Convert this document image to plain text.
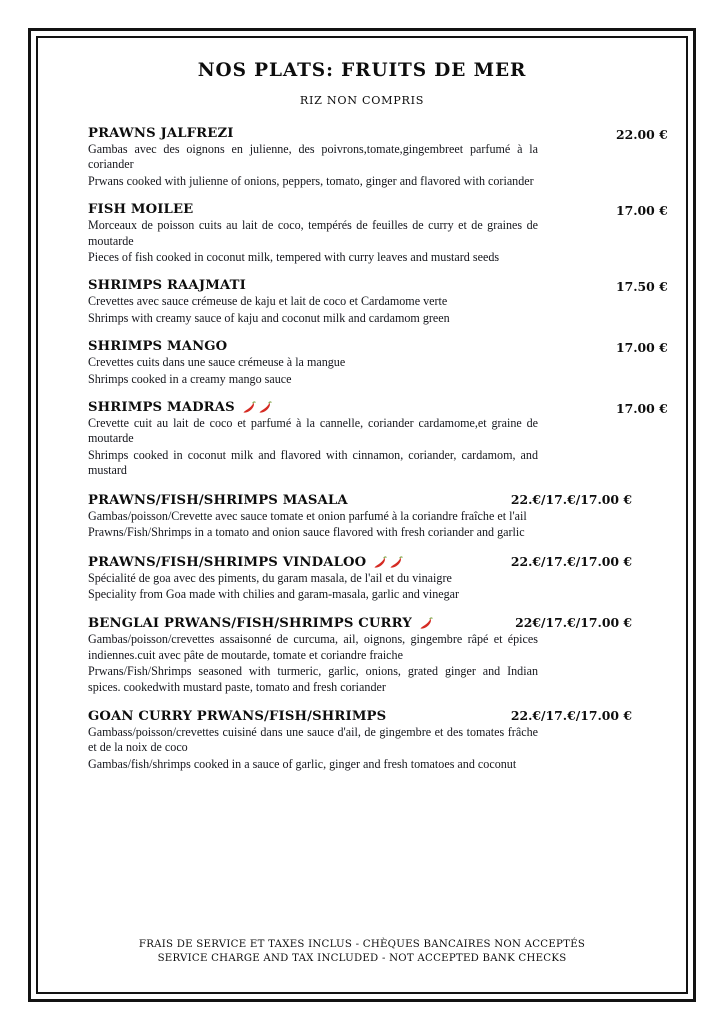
NOS PLATS: FRUITS DE MER
RIZ NON COMPRIS
PRAWNS JALFREZI	22.00 €
Gambas avec des oignons en julienne, des poivrons,tomate,gingembreet parfumé à la coriander
Prwans cooked with julienne of onions, peppers, tomato, ginger and flavored with coriander
FISH MOILEE	17.00 €
Morceaux de poisson cuits au lait de coco, tempérés de feuilles de curry et de graines de moutarde
Pieces of fish cooked in coconut milk, tempered with curry leaves and mustard seeds
SHRIMPS RAAJMATI	17.50 €
Crevettes avec sauce crémeuse de kaju et lait de coco et Cardamome verte
Shrimps with creamy sauce of kaju and coconut milk and cardamom green
SHRIMPS MANGO	17.00 €
Crevettes cuits dans une sauce crémeuse à la mangue
Shrimps cooked in a creamy mango sauce
SHRIMPS MADRAS	17.00 €
Crevette cuit au lait de coco et parfumé à la cannelle, coriander cardamome,et graine de moutarde
Shrimps cooked in coconut milk and flavored with cinnamon, coriander, cardamom, and mustard
PRAWNS/FISH/SHRIMPS MASALA	22.€/17.€/17.00 €
Gambas/poisson/Crevette avec sauce tomate et onion parfumé à la coriandre fraîche et l'ail
Prawns/Fish/Shrimps in a tomato and onion sauce flavored with fresh coriander and garlic
PRAWNS/FISH/SHRIMPS VINDALOO	22.€/17.€/17.00 €
Spécialité de goa avec des piments, du garam masala, de l'ail et du vinaigre
Speciality from Goa made with chilies and garam-masala, garlic and vinegar
BENGLAI PRWANS/FISH/SHRIMPS CURRY	22€/17.€/17.00 €
Gambas/poisson/crevettes assaisonné de curcuma, ail, oignons, gingembre râpé et épices indiennes.cuit avec pâte de moutarde, tomate et coriandre fraiche
Prwans/Fish/Shrimps seasoned with turmeric, garlic, onions, grated ginger and Indian spices. cookedwith mustard paste, tomato and fresh coriander
GOAN CURRY PRWANS/FISH/SHRIMPS	22.€/17.€/17.00 €
Gambass/poisson/crevettes cuisiné dans une sauce d'ail, de gingembre et des tomates frâche et de la noix de coco
Gambas/fish/shrimps cooked in a sauce of garlic, ginger and fresh tomatoes and coconut
FRAIS DE SERVICE ET TAXES INCLUS - CHÈQUES BANCAIRES NON ACCEPTÉS
SERVICE CHARGE AND TAX INCLUDED - NOT ACCEPTED BANK CHECKS
